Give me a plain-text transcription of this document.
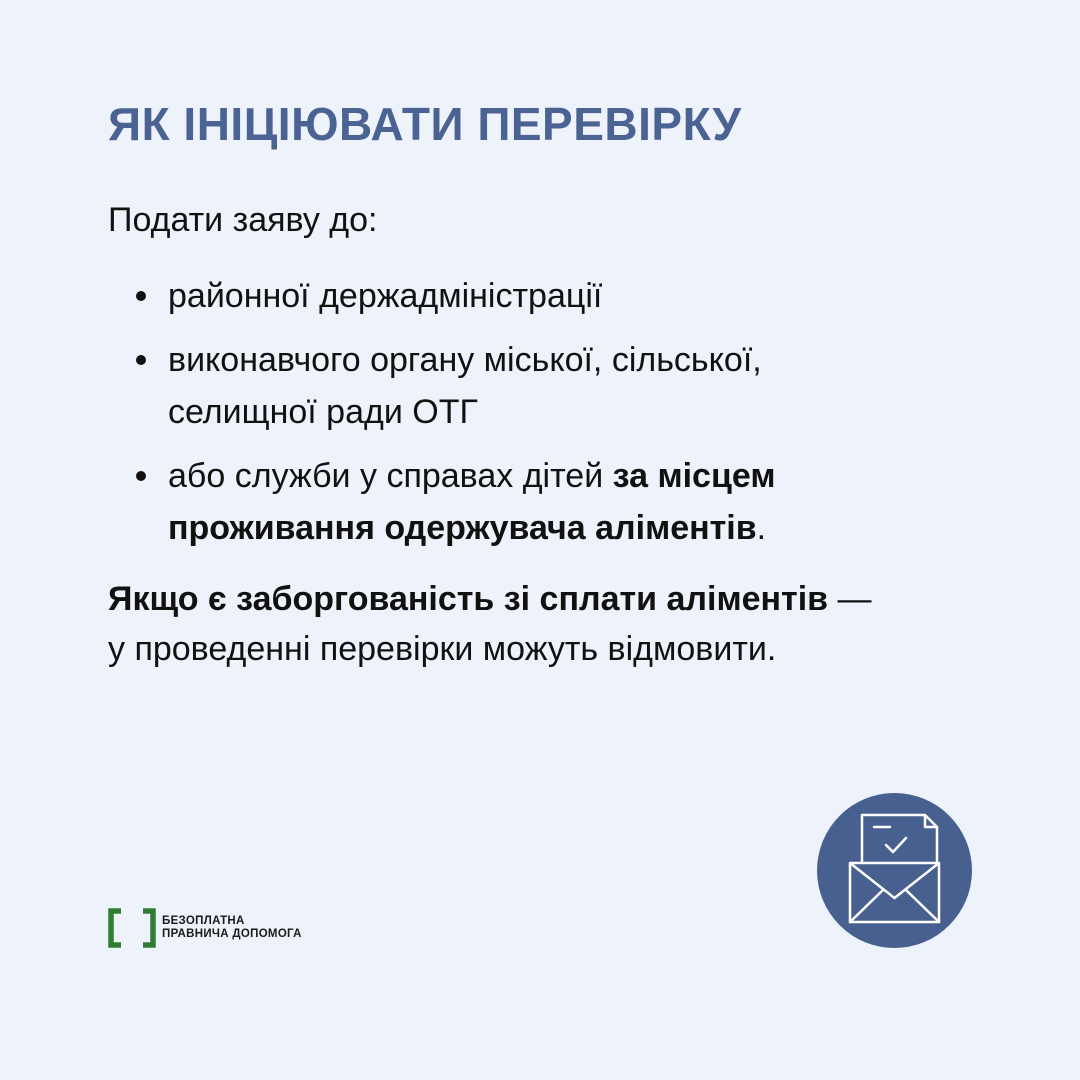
ЯК ІНІЦІЮВАТИ ПЕРЕВІРКУ

Подати заяву до:

районної держадміністрації
виконавчого органу міської, сільської,
селищної ради ОТГ
або служби у справах дітей за місцем
проживання одержувача аліментів.

Якщо є заборгованість зі сплати аліментів —
у проведенні перевірки можуть відмовити.

БЕЗОПЛАТНА
ПРАВНИЧА ДОПОМОГА
